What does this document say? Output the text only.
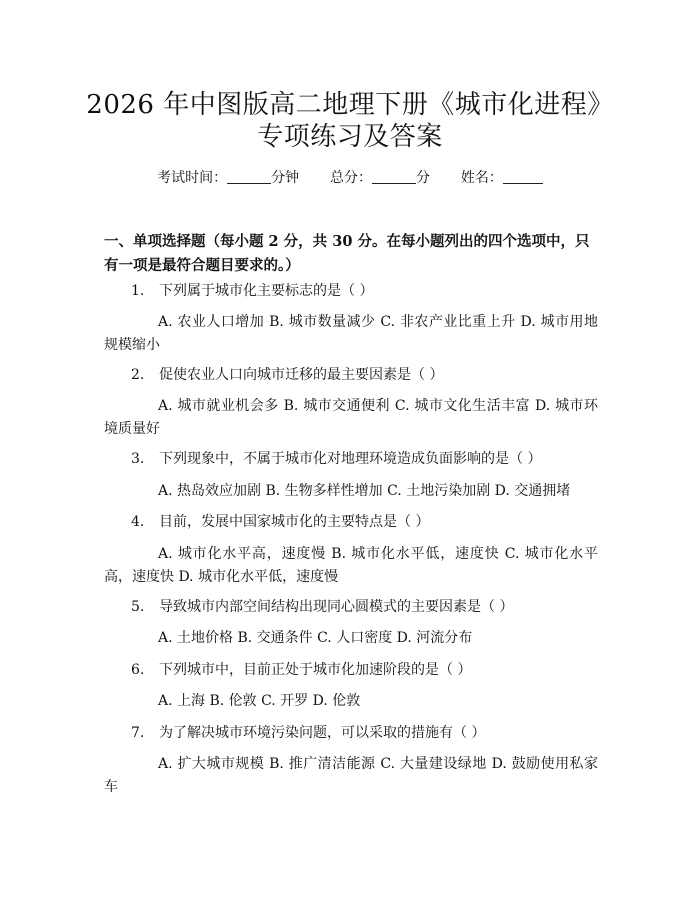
2026 年中图版高二地理下册《城市化进程》
专项练习及答案
考试时间：	分钟 总分：	分 姓名：
一、单项选择题（每小题 2 分，共 30 分。在每小题列出的四个选项中，只有一项是最符合题目要求的。）
1. 下列属于城市化主要标志的是（ ）
A. 农业人口增加 B. 城市数量减少 C. 非农产业比重上升 D. 城市用地规模缩小
2. 促使农业人口向城市迁移的最主要因素是（ ）
A. 城市就业机会多 B. 城市交通便利 C. 城市文化生活丰富 D. 城市环境质量好
3. 下列现象中，不属于城市化对地理环境造成负面影响的是（ ）
A. 热岛效应加剧 B. 生物多样性增加 C. 土地污染加剧 D. 交通拥堵
4. 目前，发展中国家城市化的主要特点是（ ）
A. 城市化水平高，速度慢 B. 城市化水平低，速度快 C. 城市化水平高，速度快 D. 城市化水平低，速度慢
5. 导致城市内部空间结构出现同心圆模式的主要因素是（ ）
A. 土地价格 B. 交通条件 C. 人口密度 D. 河流分布
6. 下列城市中，目前正处于城市化加速阶段的是（ ）
A. 上海 B. 伦敦 C. 开罗 D. 伦敦
7. 为了解决城市环境污染问题，可以采取的措施有（ ）
A. 扩大城市规模 B. 推广清洁能源 C. 大量建设绿地 D. 鼓励使用私家车
